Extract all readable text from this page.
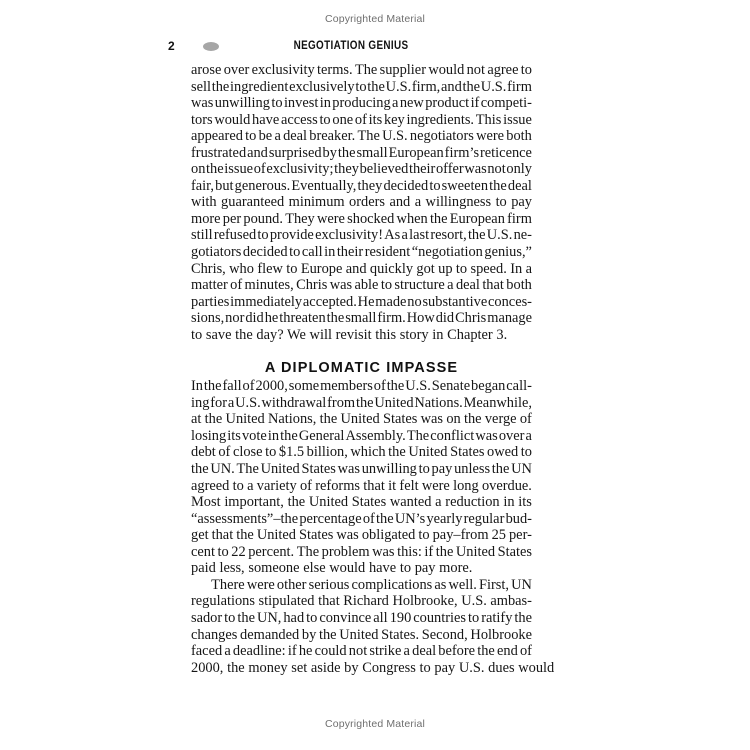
Copyrighted Material
2	NEGOTIATION GENIUS
arose over exclusivity terms. The supplier would not agree to
sell the ingredient exclusively to the U.S. firm, and the U.S. firm
was unwilling to invest in producing a new product if competi-
tors would have access to one of its key ingredients. This issue
appeared to be a deal breaker. The U.S. negotiators were both
frustrated and surprised by the small European firm’s reticence
on the issue of exclusivity; they believed their offer was not only
fair, but generous. Eventually, they decided to sweeten the deal
with guaranteed minimum orders and a willingness to pay
more per pound. They were shocked when the European firm
still refused to provide exclusivity! As a last resort, the U.S. ne-
gotiators decided to call in their resident “negotiation genius,”
Chris, who flew to Europe and quickly got up to speed. In a
matter of minutes, Chris was able to structure a deal that both
parties immediately accepted. He made no substantive conces-
sions, nor did he threaten the small firm. How did Chris manage
to save the day? We will revisit this story in Chapter 3.
A DIPLOMATIC IMPASSE
In the fall of 2000, some members of the U.S. Senate began call-
ing for a U.S. withdrawal from the United Nations. Meanwhile,
at the United Nations, the United States was on the verge of
losing its vote in the General Assembly. The conflict was over a
debt of close to $1.5 billion, which the United States owed to
the UN. The United States was unwilling to pay unless the UN
agreed to a variety of reforms that it felt were long overdue.
Most important, the United States wanted a reduction in its
“assessments”–the percentage of the UN’s yearly regular bud-
get that the United States was obligated to pay–from 25 per-
cent to 22 percent. The problem was this: if the United States
paid less, someone else would have to pay more.
There were other serious complications as well. First, UN
regulations stipulated that Richard Holbrooke, U.S. ambas-
sador to the UN, had to convince all 190 countries to ratify the
changes demanded by the United States. Second, Holbrooke
faced a deadline: if he could not strike a deal before the end of
2000, the money set aside by Congress to pay U.S. dues would
Copyrighted Material
